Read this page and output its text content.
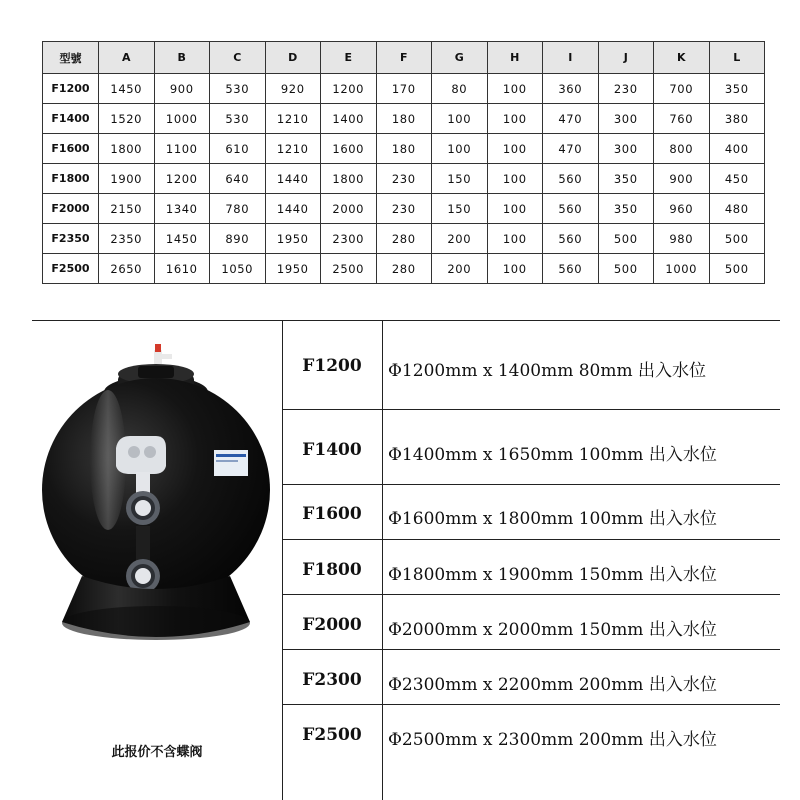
型號	A	B	C	D	E	F	G	H	I	J	K	L
F1200	1450	900	530	920	1200	170	80	100	360	230	700	350
F1400	1520	1000	530	1210	1400	180	100	100	470	300	760	380
F1600	1800	1100	610	1210	1600	180	100	100	470	300	800	400
F1800	1900	1200	640	1440	1800	230	150	100	560	350	900	450
F2000	2150	1340	780	1440	2000	230	150	100	560	350	960	480
F2350	2350	1450	890	1950	2300	280	200	100	560	500	980	500
F2500	2650	1610	1050	1950	2500	280	200	100	560	500	1000	500
此报价不含蝶阀
F1200	Φ1200mm x 1400mm 80mm 出入水位
F1400	Φ1400mm x 1650mm 100mm 出入水位
F1600	Φ1600mm x 1800mm 100mm 出入水位
F1800	Φ1800mm x 1900mm 150mm 出入水位
F2000	Φ2000mm x 2000mm 150mm 出入水位
F2300	Φ2300mm x 2200mm 200mm 出入水位
F2500	Φ2500mm x 2300mm 200mm 出入水位
